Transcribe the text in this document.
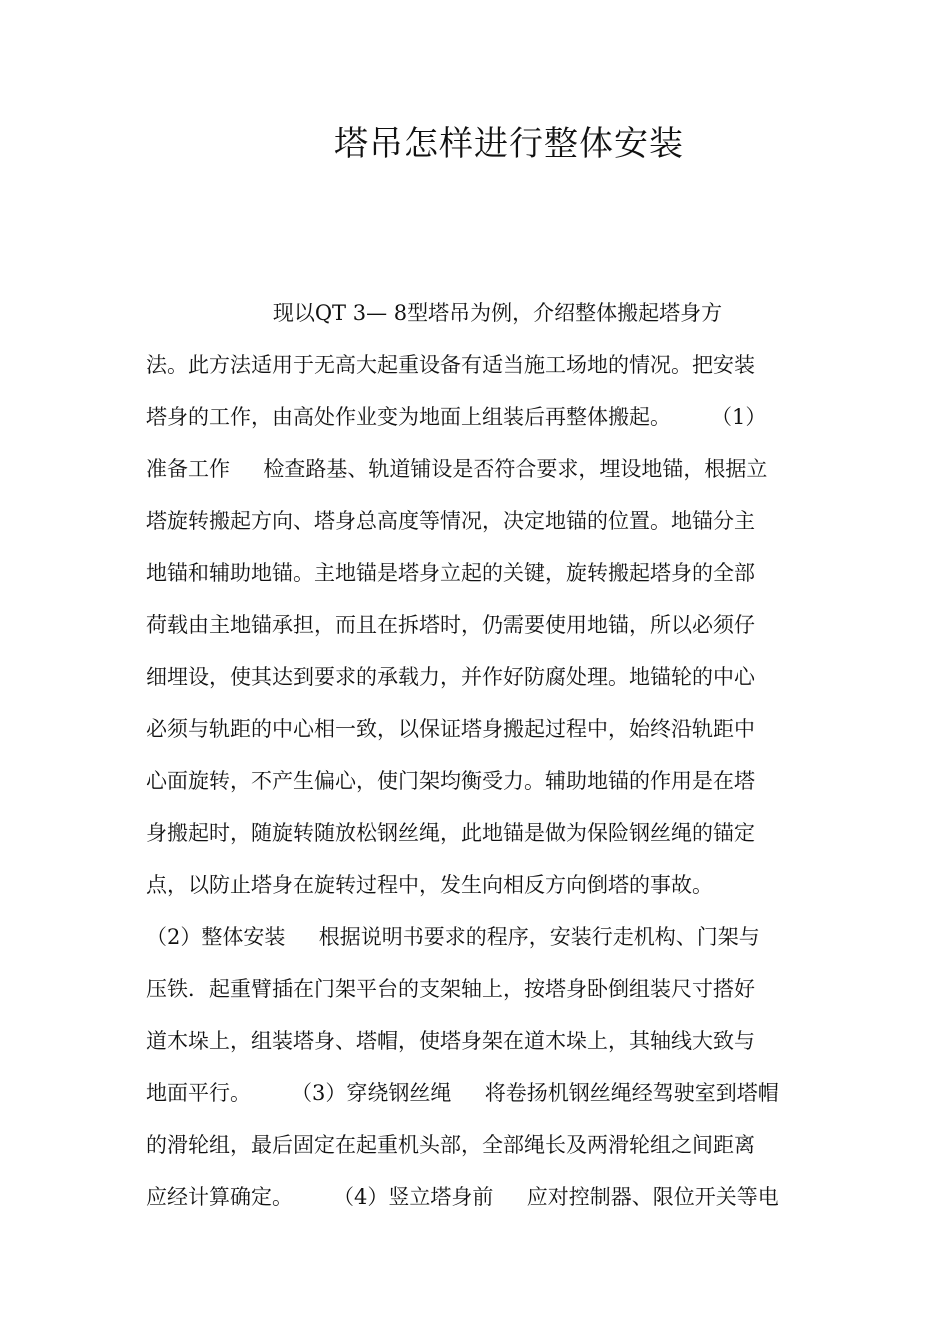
塔吊怎样进行整体安装
现以QT 3— 8型塔吊为例，介绍整体搬起塔身方
法。此方法适用于无高大起重设备有适当施工场地的情况。把安装
塔身的工作，由高处作业变为地面上组装后再整体搬起。      （1）
准备工作     检查路基、轨道铺设是否符合要求，埋设地锚，根据立
塔旋转搬起方向、塔身总高度等情况，决定地锚的位置。地锚分主
地锚和辅助地锚。主地锚是塔身立起的关键，旋转搬起塔身的全部
荷载由主地锚承担，而且在拆塔时，仍需要使用地锚，所以必须仔
细埋设，使其达到要求的承载力，并作好防腐处理。地锚轮的中心
必须与轨距的中心相一致，以保证塔身搬起过程中，始终沿轨距中
心面旋转，不产生偏心，使门架均衡受力。辅助地锚的作用是在塔
身搬起时，随旋转随放松钢丝绳，此地锚是做为保险钢丝绳的锚定
点，以防止塔身在旋转过程中，发生向相反方向倒塔的事故。
（2）整体安装     根据说明书要求的程序，安装行走机构、门架与
压铁．起重臂插在门架平台的支架轴上，按塔身卧倒组装尺寸搭好
道木垛上，组装塔身、塔帽，使塔身架在道木垛上，其轴线大致与
地面平行。      （3）穿绕钢丝绳     将卷扬机钢丝绳经驾驶室到塔帽
的滑轮组，最后固定在起重机头部，全部绳长及两滑轮组之间距离
应经计算确定。      （4）竖立塔身前     应对控制器、限位开关等电
